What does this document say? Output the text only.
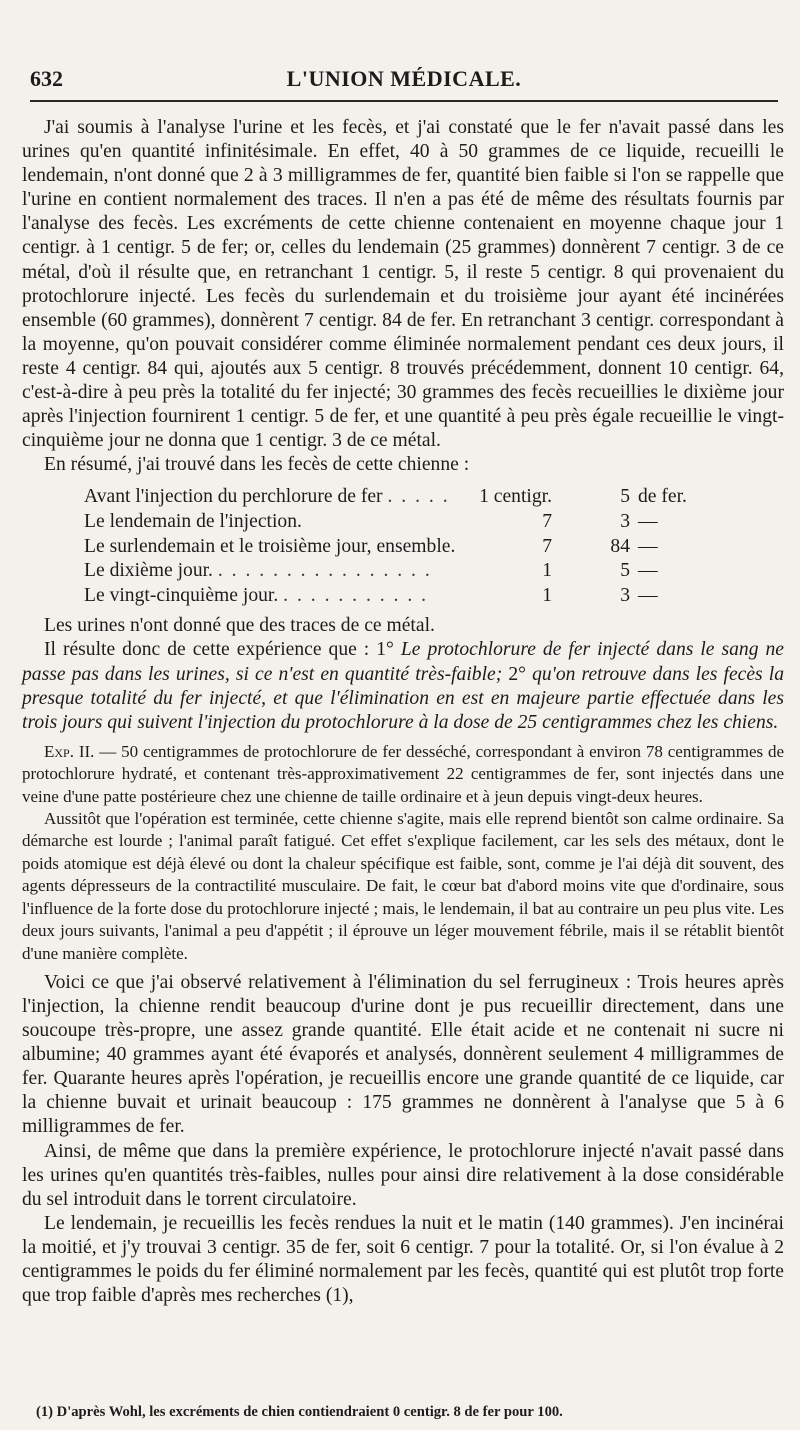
632	L'UNION MÉDICALE.

J'ai soumis à l'analyse l'urine et les fecès, et j'ai constaté que le fer n'avait passé dans les urines qu'en quantité infinitésimale. En effet, 40 à 50 grammes de ce liquide, recueilli le lendemain, n'ont donné que 2 à 3 milligrammes de fer, quantité bien faible si l'on se rappelle que l'urine en contient normalement des traces. Il n'en a pas été de même des résultats fournis par l'analyse des fecès. Les excréments de cette chienne contenaient en moyenne chaque jour 1 centigr. à 1 centigr. 5 de fer; or, celles du lendemain (25 grammes) donnèrent 7 centigr. 3 de ce métal, d'où il résulte que, en retranchant 1 centigr. 5, il reste 5 centigr. 8 qui provenaient du protochlorure injecté. Les fecès du surlendemain et du troisième jour ayant été incinérées ensemble (60 grammes), donnèrent 7 centigr. 84 de fer. En retranchant 3 centigr. correspondant à la moyenne, qu'on pouvait considérer comme éliminée normalement pendant ces deux jours, il reste 4 centigr. 84 qui, ajoutés aux 5 centigr. 8 trouvés précédemment, donnent 10 centigr. 64, c'est-à-dire à peu près la totalité du fer injecté; 30 grammes des fecès recueillies le dixième jour après l'injection fournirent 1 centigr. 5 de fer, et une quantité à peu près égale recueillie le vingt-cinquième jour ne donna que 1 centigr. 3 de ce métal.

En résumé, j'ai trouvé dans les fecès de cette chienne :

Avant l'injection du perchlorure de fer . . . . .	1 centigr.	5 de fer.
Le lendemain de l'injection.	7	3 —
Le surlendemain et le troisième jour, ensemble.	7	84 —
Le dixième jour. . . . . . . . . . . . . . . . .	1	5 —
Le vingt-cinquième jour. . . . . . . . . . . .	1	3 —

Les urines n'ont donné que des traces de ce métal.

Il résulte donc de cette expérience que : 1° Le protochlorure de fer injecté dans le sang ne passe pas dans les urines, si ce n'est en quantité très-faible; 2° qu'on retrouve dans les fecès la presque totalité du fer injecté, et que l'élimination en est en majeure partie effectuée dans les trois jours qui suivent l'injection du protochlorure à la dose de 25 centigrammes chez les chiens.

Exp. II. — 50 centigrammes de protochlorure de fer desséché, correspondant à environ 78 centigrammes de protochlorure hydraté, et contenant très-approximativement 22 centigrammes de fer, sont injectés dans une veine d'une patte postérieure chez une chienne de taille ordinaire et à jeun depuis vingt-deux heures.

Aussitôt que l'opération est terminée, cette chienne s'agite, mais elle reprend bientôt son calme ordinaire. Sa démarche est lourde ; l'animal paraît fatigué. Cet effet s'explique facilement, car les sels des métaux, dont le poids atomique est déjà élevé ou dont la chaleur spécifique est faible, sont, comme je l'ai déjà dit souvent, des agents dépresseurs de la contractilité musculaire. De fait, le cœur bat d'abord moins vite que d'ordinaire, sous l'influence de la forte dose du protochlorure injecté ; mais, le lendemain, il bat au contraire un peu plus vite. Les deux jours suivants, l'animal a peu d'appétit ; il éprouve un léger mouvement fébrile, mais il se rétablit bientôt d'une manière complète.

Voici ce que j'ai observé relativement à l'élimination du sel ferrugineux : Trois heures après l'injection, la chienne rendit beaucoup d'urine dont je pus recueillir directement, dans une soucoupe très-propre, une assez grande quantité. Elle était acide et ne contenait ni sucre ni albumine; 40 grammes ayant été évaporés et analysés, donnèrent seulement 4 milligrammes de fer. Quarante heures après l'opération, je recueillis encore une grande quantité de ce liquide, car la chienne buvait et urinait beaucoup : 175 grammes ne donnèrent à l'analyse que 5 à 6 milligrammes de fer.

Ainsi, de même que dans la première expérience, le protochlorure injecté n'avait passé dans les urines qu'en quantités très-faibles, nulles pour ainsi dire relativement à la dose considérable du sel introduit dans le torrent circulatoire.

Le lendemain, je recueillis les fecès rendues la nuit et le matin (140 grammes). J'en incinérai la moitié, et j'y trouvai 3 centigr. 35 de fer, soit 6 centigr. 7 pour la totalité. Or, si l'on évalue à 2 centigrammes le poids du fer éliminé normalement par les fecès, quantité qui est plutôt trop forte que trop faible d'après mes recherches (1),

(1) D'après Wohl, les excréments de chien contiendraient 0 centigr. 8 de fer pour 100.
